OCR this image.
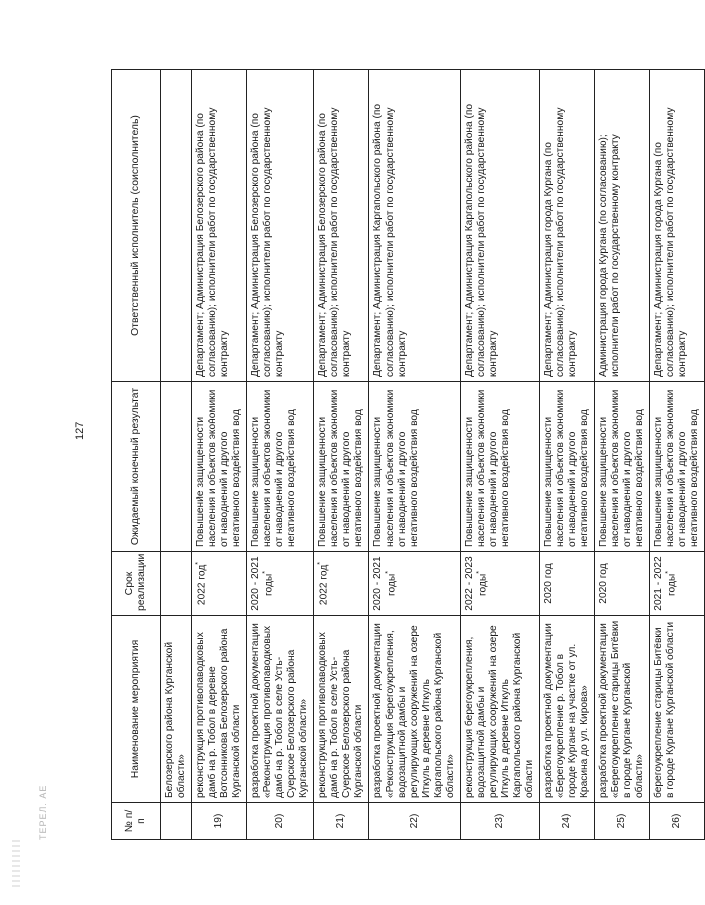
127
ТЕРЕЛ. АЕ	№ п/п	Наименование мероприятия	Срок реализации	Ожидаемый конечный результат	Ответственный исполнитель (соисполнитель)
	Белозерского района Курганской области»			
19)	реконструкция противопаводковых дамб на р. Тобол в деревне Вотсонникова Белозерского района Курганской области	2022 год*	Повышение защищенности населения и объектов экономики от наводнений и другого негативного воздействия вод	Департамент; Администрация Белозерского района (по согласованию); исполнители работ по государственному контракту
20)	разработка проектной документации «Реконструкция противопаводковых дамб на р. Тобол в селе Усть-Суерское Белозерского района Курганской области»	2020 - 2021 годы*	Повышение защищенности населения и объектов экономики от наводнений и другого негативного воздействия вод	Департамент; Администрация Белозерского района (по согласованию); исполнители работ по государственному контракту
21)	реконструкция противопаводковых дамб на р. Тобол в селе Усть-Суерское Белозерского района Курганской области	2022 год*	Повышение защищенности населения и объектов экономики от наводнений и другого негативного воздействия вод	Департамент; Администрация Белозерского района (по согласованию); исполнители работ по государственному контракту
22)	разработка проектной документации «Реконструкция берегоукрепления, водозащитной дамбы и регулирующих сооружений на озере Иткуль в деревне Иткуль Каргапольского района Курганской области»	2020 - 2021 годы*	Повышение защищенности населения и объектов экономики от наводнений и другого негативного воздействия вод	Департамент; Администрация Каргапольского района (по согласованию); исполнители работ по государственному контракту
23)	реконструкция берегоукрепления, водозащитной дамбы и регулирующих сооружений на озере Иткуль в деревне Иткуль Каргапольского района Курганской области	2022 - 2023 годы*	Повышение защищенности населения и объектов экономики от наводнений и другого негативного воздействия вод	Департамент; Администрация Каргапольского района (по согласованию); исполнители работ по государственному контракту
24)	разработка проектной документации «Берегоукрепление р. Тобол в городе Кургане на участке от ул. Красина до ул. Кирова»	2020 год	Повышение защищенности населения и объектов экономики от наводнений и другого негативного воздействия вод	Департамент; Администрация города Кургана (по согласованию); исполнители работ по государственному контракту
25)	разработка проектной документации «Берегоукрепление старицы Битёвки в городе Кургане Курганской области»	2020 год	Повышение защищенности населения и объектов экономики от наводнений и другого негативного воздействия вод	Администрация города Кургана (по согласованию); исполнители работ по государственному контракту
26)	берегоукрепление старицы Битёвки в городе Кургане Курганской области	2021 - 2022 годы*	Повышение защищенности населения и объектов экономики от наводнений и другого негативного воздействия вод	Департамент; Администрация города Кургана (по согласованию); исполнители работ по государственному контракту
